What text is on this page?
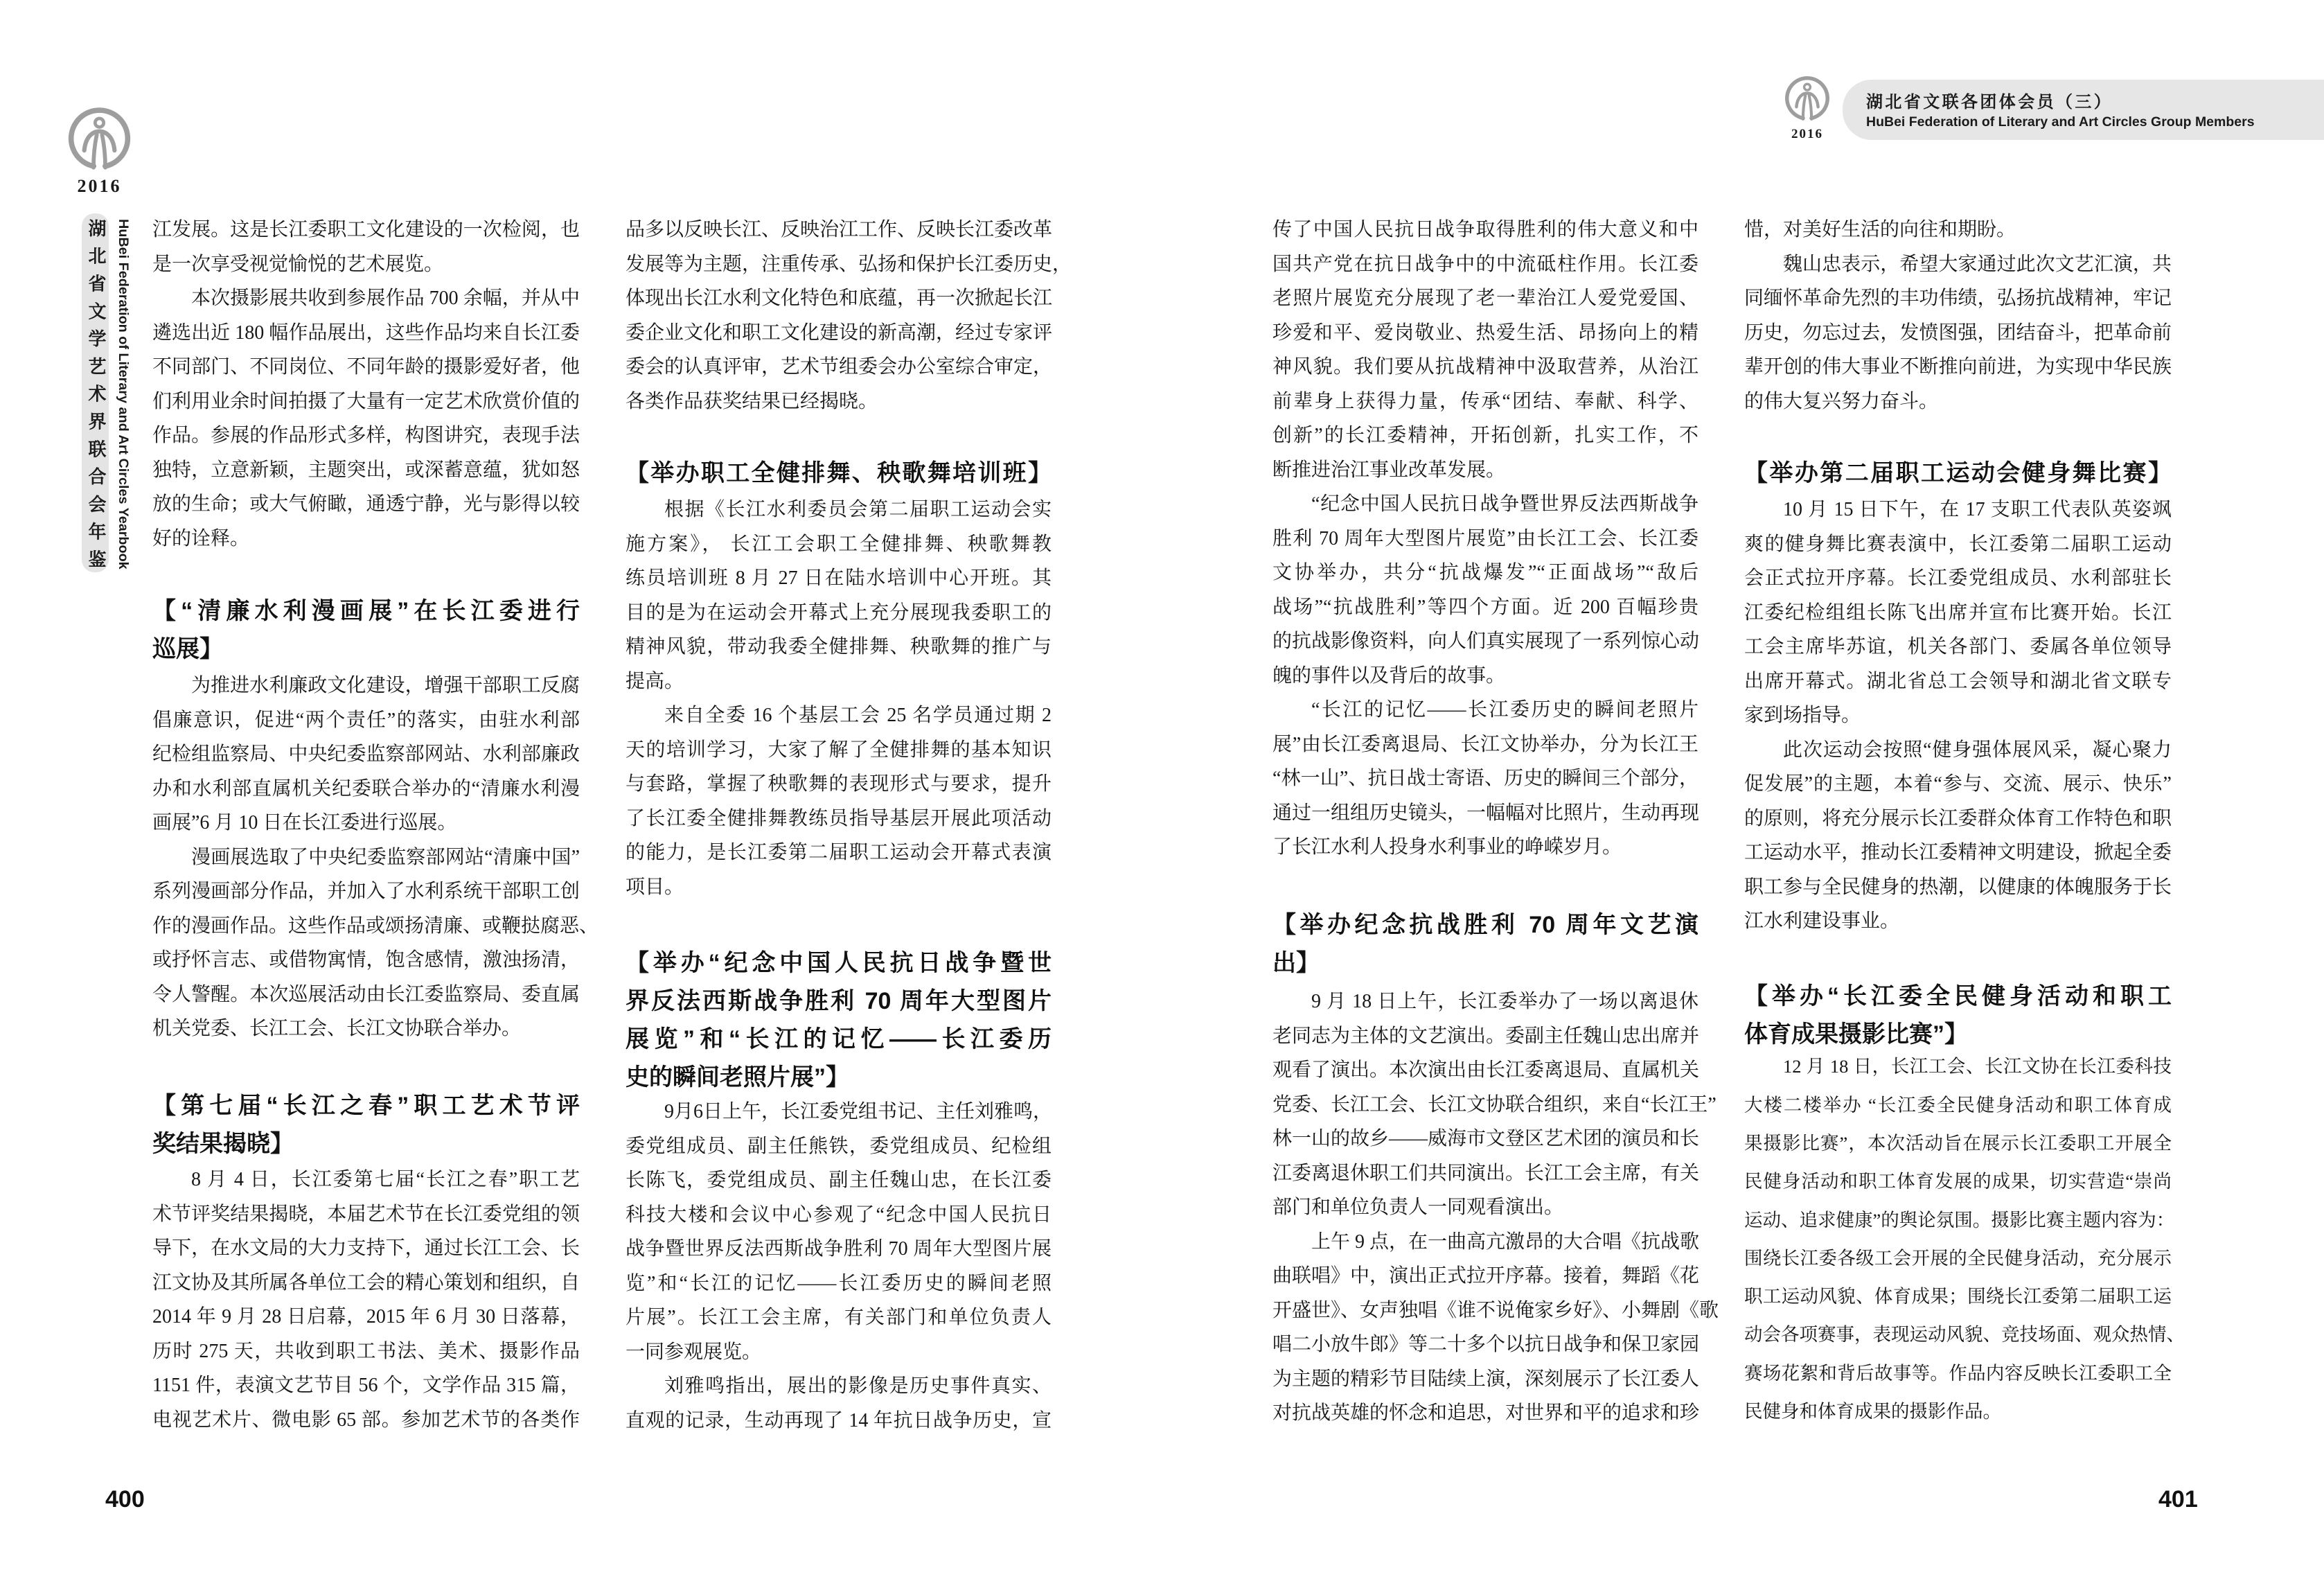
2016
湖北省文学艺术界联合会年鉴 HuBei Federation of Literary and Art Circles Yearbook 江发展。这是长江委职工文化建设的一次检阅，也
是一次享受视觉愉悦的艺术展览。
本次摄影展共收到参展作品 700 余幅，并从中
遴选出近 180 幅作品展出，这些作品均来自长江委
不同部门、不同岗位、不同年龄的摄影爱好者，他
们利用业余时间拍摄了大量有一定艺术欣赏价值的
作品。参展的作品形式多样，构图讲究，表现手法
独特，立意新颖，主题突出，或深蓄意蕴，犹如怒
放的生命；或大气俯瞰，通透宁静，光与影得以较
好的诠释。
【“清廉水利漫画展”在长江委进行
巡展】
为推进水利廉政文化建设，增强干部职工反腐
倡廉意识，促进“两个责任”的落实，由驻水利部
纪检组监察局、中央纪委监察部网站、水利部廉政
办和水利部直属机关纪委联合举办的“清廉水利漫
画展”6 月 10 日在长江委进行巡展。
漫画展选取了中央纪委监察部网站“清廉中国”
系列漫画部分作品，并加入了水利系统干部职工创
作的漫画作品。这些作品或颂扬清廉、或鞭挞腐恶、
或抒怀言志、或借物寓情，饱含感情，激浊扬清，
令人警醒。本次巡展活动由长江委监察局、委直属
机关党委、长江工会、长江文协联合举办。
【第七届“长江之春”职工艺术节评
奖结果揭晓】
8 月 4 日，长江委第七届“长江之春”职工艺
术节评奖结果揭晓，本届艺术节在长江委党组的领
导下，在水文局的大力支持下，通过长江工会、长
江文协及其所属各单位工会的精心策划和组织，自
2014 年 9 月 28 日启幕，2015 年 6 月 30 日落幕，
历时 275 天，共收到职工书法、美术、摄影作品
1151 件，表演文艺节目 56 个，文学作品 315 篇，
电视艺术片、微电影 65 部。参加艺术节的各类作
品多以反映长江、反映治江工作、反映长江委改革
发展等为主题，注重传承、弘扬和保护长江委历史，
体现出长江水利文化特色和底蕴，再一次掀起长江
委企业文化和职工文化建设的新高潮，经过专家评
委会的认真评审，艺术节组委会办公室综合审定，
各类作品获奖结果已经揭晓。
【举办职工全健排舞、秧歌舞培训班】
根据《长江水利委员会第二届职工运动会实
施方案》， 长江工会职工全健排舞、秧歌舞教
练员培训班 8 月 27 日在陆水培训中心开班。其
目的是为在运动会开幕式上充分展现我委职工的
精神风貌，带动我委全健排舞、秧歌舞的推广与
提高。
来自全委 16 个基层工会 25 名学员通过期 2
天的培训学习，大家了解了全健排舞的基本知识
与套路，掌握了秧歌舞的表现形式与要求，提升
了长江委全健排舞教练员指导基层开展此项活动
的能力，是长江委第二届职工运动会开幕式表演
项目。
【举办“纪念中国人民抗日战争暨世
界反法西斯战争胜利 70 周年大型图片
展览”和“长江的记忆——长江委历
史的瞬间老照片展”】
9月6日上午，长江委党组书记、主任刘雅鸣，
委党组成员、副主任熊铁，委党组成员、纪检组
长陈飞，委党组成员、副主任魏山忠，在长江委
科技大楼和会议中心参观了“纪念中国人民抗日
战争暨世界反法西斯战争胜利 70 周年大型图片展
览”和“长江的记忆——长江委历史的瞬间老照
片展”。长江工会主席，有关部门和单位负责人
一同参观展览。
刘雅鸣指出，展出的影像是历史事件真实、
直观的记录，生动再现了 14 年抗日战争历史，宣
400
2016
湖北省文联各团体会员（三）
HuBei Federation of Literary and Art Circles Group Members
传了中国人民抗日战争取得胜利的伟大意义和中
国共产党在抗日战争中的中流砥柱作用。长江委
老照片展览充分展现了老一辈治江人爱党爱国、
珍爱和平、爱岗敬业、热爱生活、昂扬向上的精
神风貌。我们要从抗战精神中汲取营养，从治江
前辈身上获得力量，传承“团结、奉献、科学、
创新”的长江委精神，开拓创新，扎实工作，不
断推进治江事业改革发展。
“纪念中国人民抗日战争暨世界反法西斯战争
胜利 70 周年大型图片展览”由长江工会、长江委
文协举办，共分“抗战爆发”“正面战场”“敌后
战场”“抗战胜利”等四个方面。近 200 百幅珍贵
的抗战影像资料，向人们真实展现了一系列惊心动
魄的事件以及背后的故事。
“长江的记忆——长江委历史的瞬间老照片
展”由长江委离退局、长江文协举办，分为长江王
“林一山”、抗日战士寄语、历史的瞬间三个部分，
通过一组组历史镜头，一幅幅对比照片，生动再现
了长江水利人投身水利事业的峥嵘岁月。
【举办纪念抗战胜利 70 周年文艺演
出】
9 月 18 日上午，长江委举办了一场以离退休
老同志为主体的文艺演出。委副主任魏山忠出席并
观看了演出。本次演出由长江委离退局、直属机关
党委、长江工会、长江文协联合组织，来自“长江王”
林一山的故乡——威海市文登区艺术团的演员和长
江委离退休职工们共同演出。长江工会主席，有关
部门和单位负责人一同观看演出。
上午 9 点，在一曲高亢激昂的大合唱《抗战歌
曲联唱》中，演出正式拉开序幕。接着，舞蹈《花
开盛世》、女声独唱《谁不说俺家乡好》、小舞剧《歌
唱二小放牛郎》等二十多个以抗日战争和保卫家园
为主题的精彩节目陆续上演，深刻展示了长江委人
对抗战英雄的怀念和追思，对世界和平的追求和珍
惜，对美好生活的向往和期盼。
魏山忠表示，希望大家通过此次文艺汇演，共
同缅怀革命先烈的丰功伟绩，弘扬抗战精神，牢记
历史，勿忘过去，发愤图强，团结奋斗，把革命前
辈开创的伟大事业不断推向前进，为实现中华民族
的伟大复兴努力奋斗。
【举办第二届职工运动会健身舞比赛】
10 月 15 日下午，在 17 支职工代表队英姿飒
爽的健身舞比赛表演中，长江委第二届职工运动
会正式拉开序幕。长江委党组成员、水利部驻长
江委纪检组组长陈飞出席并宣布比赛开始。长江
工会主席毕苏谊，机关各部门、委属各单位领导
出席开幕式。湖北省总工会领导和湖北省文联专
家到场指导。
此次运动会按照“健身强体展风采，凝心聚力
促发展”的主题，本着“参与、交流、展示、快乐”
的原则，将充分展示长江委群众体育工作特色和职
工运动水平，推动长江委精神文明建设，掀起全委
职工参与全民健身的热潮，以健康的体魄服务于长
江水利建设事业。
【举办“长江委全民健身活动和职工
体育成果摄影比赛”】
12 月 18 日，长江工会、长江文协在长江委科技
大楼二楼举办 “长江委全民健身活动和职工体育成
果摄影比赛”，本次活动旨在展示长江委职工开展全
民健身活动和职工体育发展的成果，切实营造“崇尚
运动、追求健康”的舆论氛围。摄影比赛主题内容为：
围绕长江委各级工会开展的全民健身活动，充分展示
职工运动风貌、体育成果；围绕长江委第二届职工运
动会各项赛事，表现运动风貌、竞技场面、观众热情、
赛场花絮和背后故事等。作品内容反映长江委职工全
民健身和体育成果的摄影作品。
401
